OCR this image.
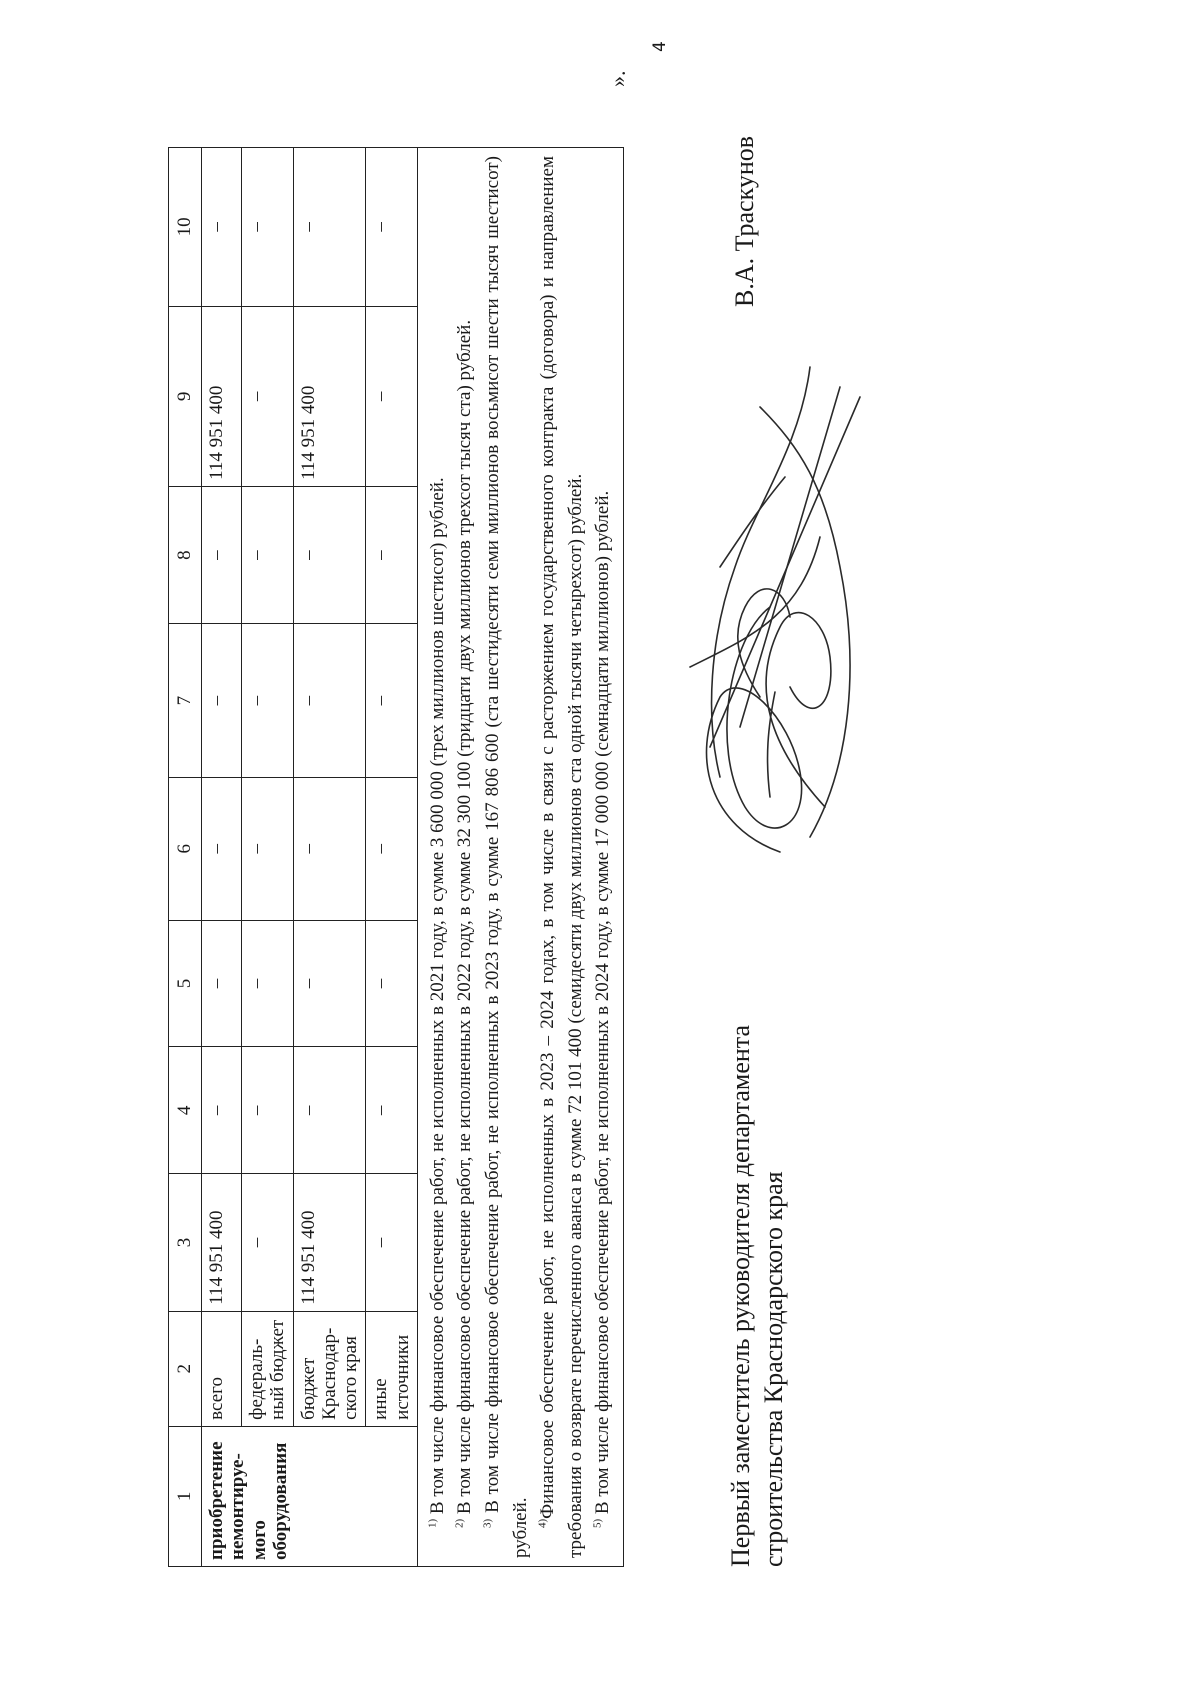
1	2	3	4	5	6	7	8	9	10
приобретение немонтируе-мого оборудования	всего	114 951 400	–	–	–	–	–	114 951 400	–
	федераль-ный бюджет	–	–	–	–	–	–	–	–
	бюджет Краснодар-ского края	114 951 400	–	–	–	–	–	114 951 400	–
	иные источники	–	–	–	–	–	–	–	–

$^{1)}$ В том числе финансовое обеспечение работ, не исполненных в 2021 году, в сумме 3 600 000 (трех миллионов шестисот) рублей.

$^{2)}$ В том числе финансовое обеспечение работ, не исполненных в 2022 году, в сумме 32 300 100 (тридцати двух миллионов трехсот тысяч ста) рублей.

$^{3)}$ В том числе финансовое обеспечение работ, не исполненных в 2023 году, в сумме 167 806 600 (ста шестидесяти семи миллионов восьмисот шести тысяч шестисот) рублей. $^{4)}$Финансовое обеспечение работ, не исполненных в 2023 – 2024 годах, в том числе в связи с расторжением государственного контракта (договора) и направлением требования о возврате перечисленного аванса в сумме 72 101 400 (семидесяти двух миллионов ста одной тысячи четырехсот) рублей. $^{5)}$ В том числе финансовое обеспечение работ, не исполненных в 2024 году, в сумме 17 000 000 (семнадцати миллионов) рублей.									

».
4
Первый заместитель руководителя департамента строительства Краснодарского края
В.А. Траскунов
